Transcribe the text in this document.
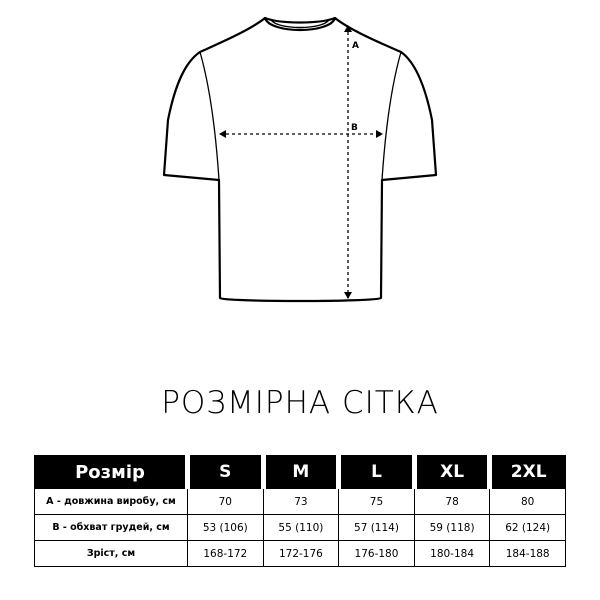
A
B
РОЗМІРНА СІТКА
Розмір	S	M	L	XL	2XL
А - довжина виробу, см	70	73	75	78	80
В - обхват грудей, см	53 (106)	55 (110)	57 (114)	59 (118)	62 (124)
Зріст, см	168-172	172-176	176-180	180-184	184-188
